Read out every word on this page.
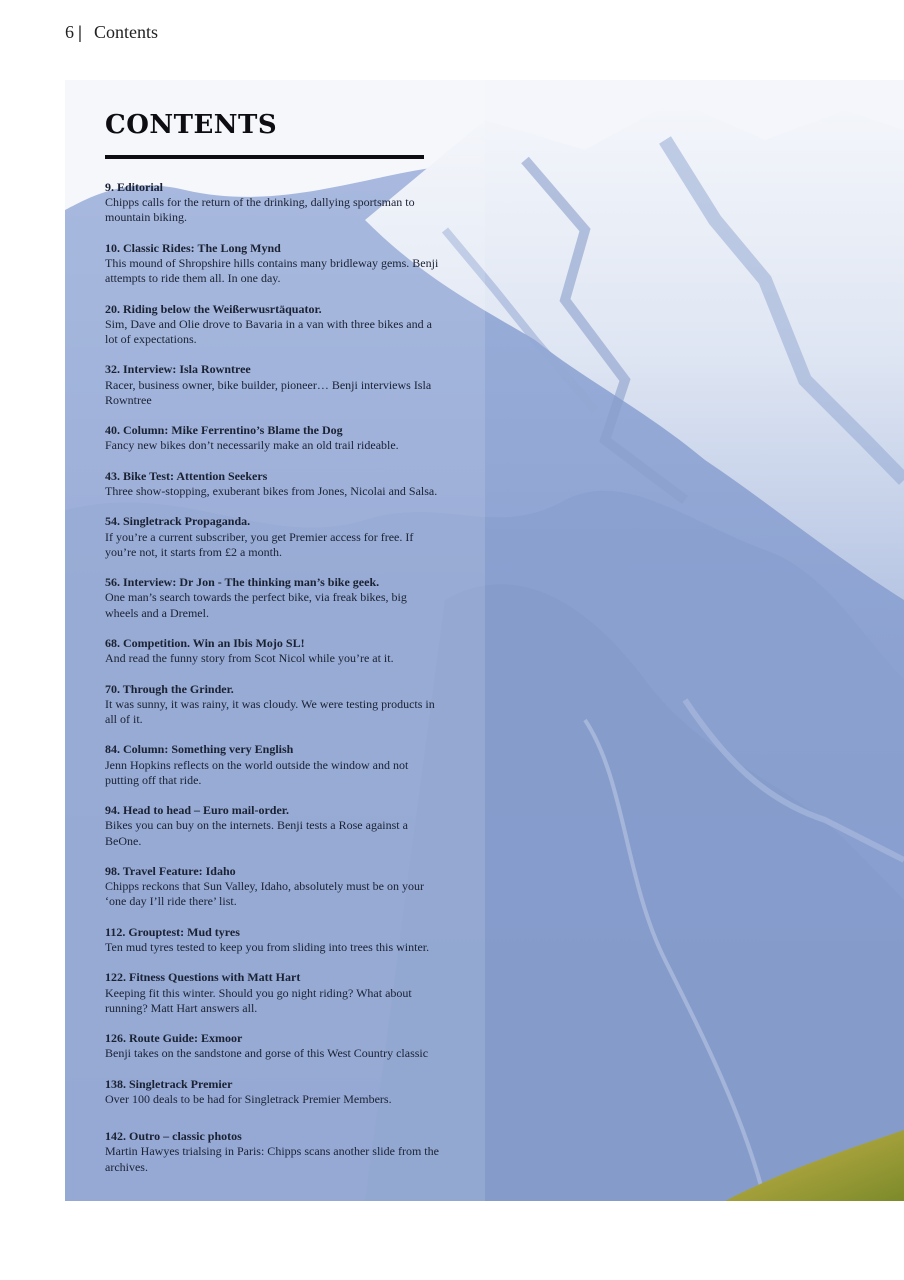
6 | Contents
CONTENTS
9. Editorial
Chipps calls for the return of the drinking, dallying sportsman to mountain biking.
10. Classic Rides: The Long Mynd
This mound of Shropshire hills contains many bridleway gems. Benji attempts to ride them all. In one day.
20. Riding below the Weißerwusrtäquator.
Sim, Dave and Olie drove to Bavaria in a van with three bikes and a lot of expectations.
32. Interview: Isla Rowntree
Racer, business owner, bike builder, pioneer… Benji interviews Isla Rowntree
40. Column: Mike Ferrentino’s Blame the Dog
Fancy new bikes don’t necessarily make an old trail rideable.
43. Bike Test: Attention Seekers
Three show-stopping, exuberant bikes from Jones, Nicolai and Salsa.
54. Singletrack Propaganda.
If you’re a current subscriber, you get Premier access for free. If you’re not, it starts from £2 a month.
56. Interview: Dr Jon - The thinking man’s bike geek.
One man’s search towards the perfect bike, via freak bikes, big wheels and a Dremel.
68. Competition. Win an Ibis Mojo SL!
And read the funny story from Scot Nicol while you’re at it.
70. Through the Grinder.
It was sunny, it was rainy, it was cloudy. We were testing products in all of it.
84. Column: Something very English
Jenn Hopkins reflects on the world outside the window and not putting off that ride.
94. Head to head – Euro mail-order.
Bikes you can buy on the internets. Benji tests a Rose against a BeOne.
98. Travel Feature: Idaho
Chipps reckons that Sun Valley, Idaho, absolutely must be on your ‘one day I’ll ride there’ list.
112. Grouptest: Mud tyres
Ten mud tyres tested to keep you from sliding into trees this winter.
122. Fitness Questions with Matt Hart
Keeping fit this winter. Should you go night riding? What about running? Matt Hart answers all.
126. Route Guide: Exmoor
Benji takes on the sandstone and gorse of this West Country classic
138. Singletrack Premier
Over 100 deals to be had for Singletrack Premier Members.
142. Outro – classic photos
Martin Hawyes trialsing in Paris: Chipps scans another slide from the archives.
